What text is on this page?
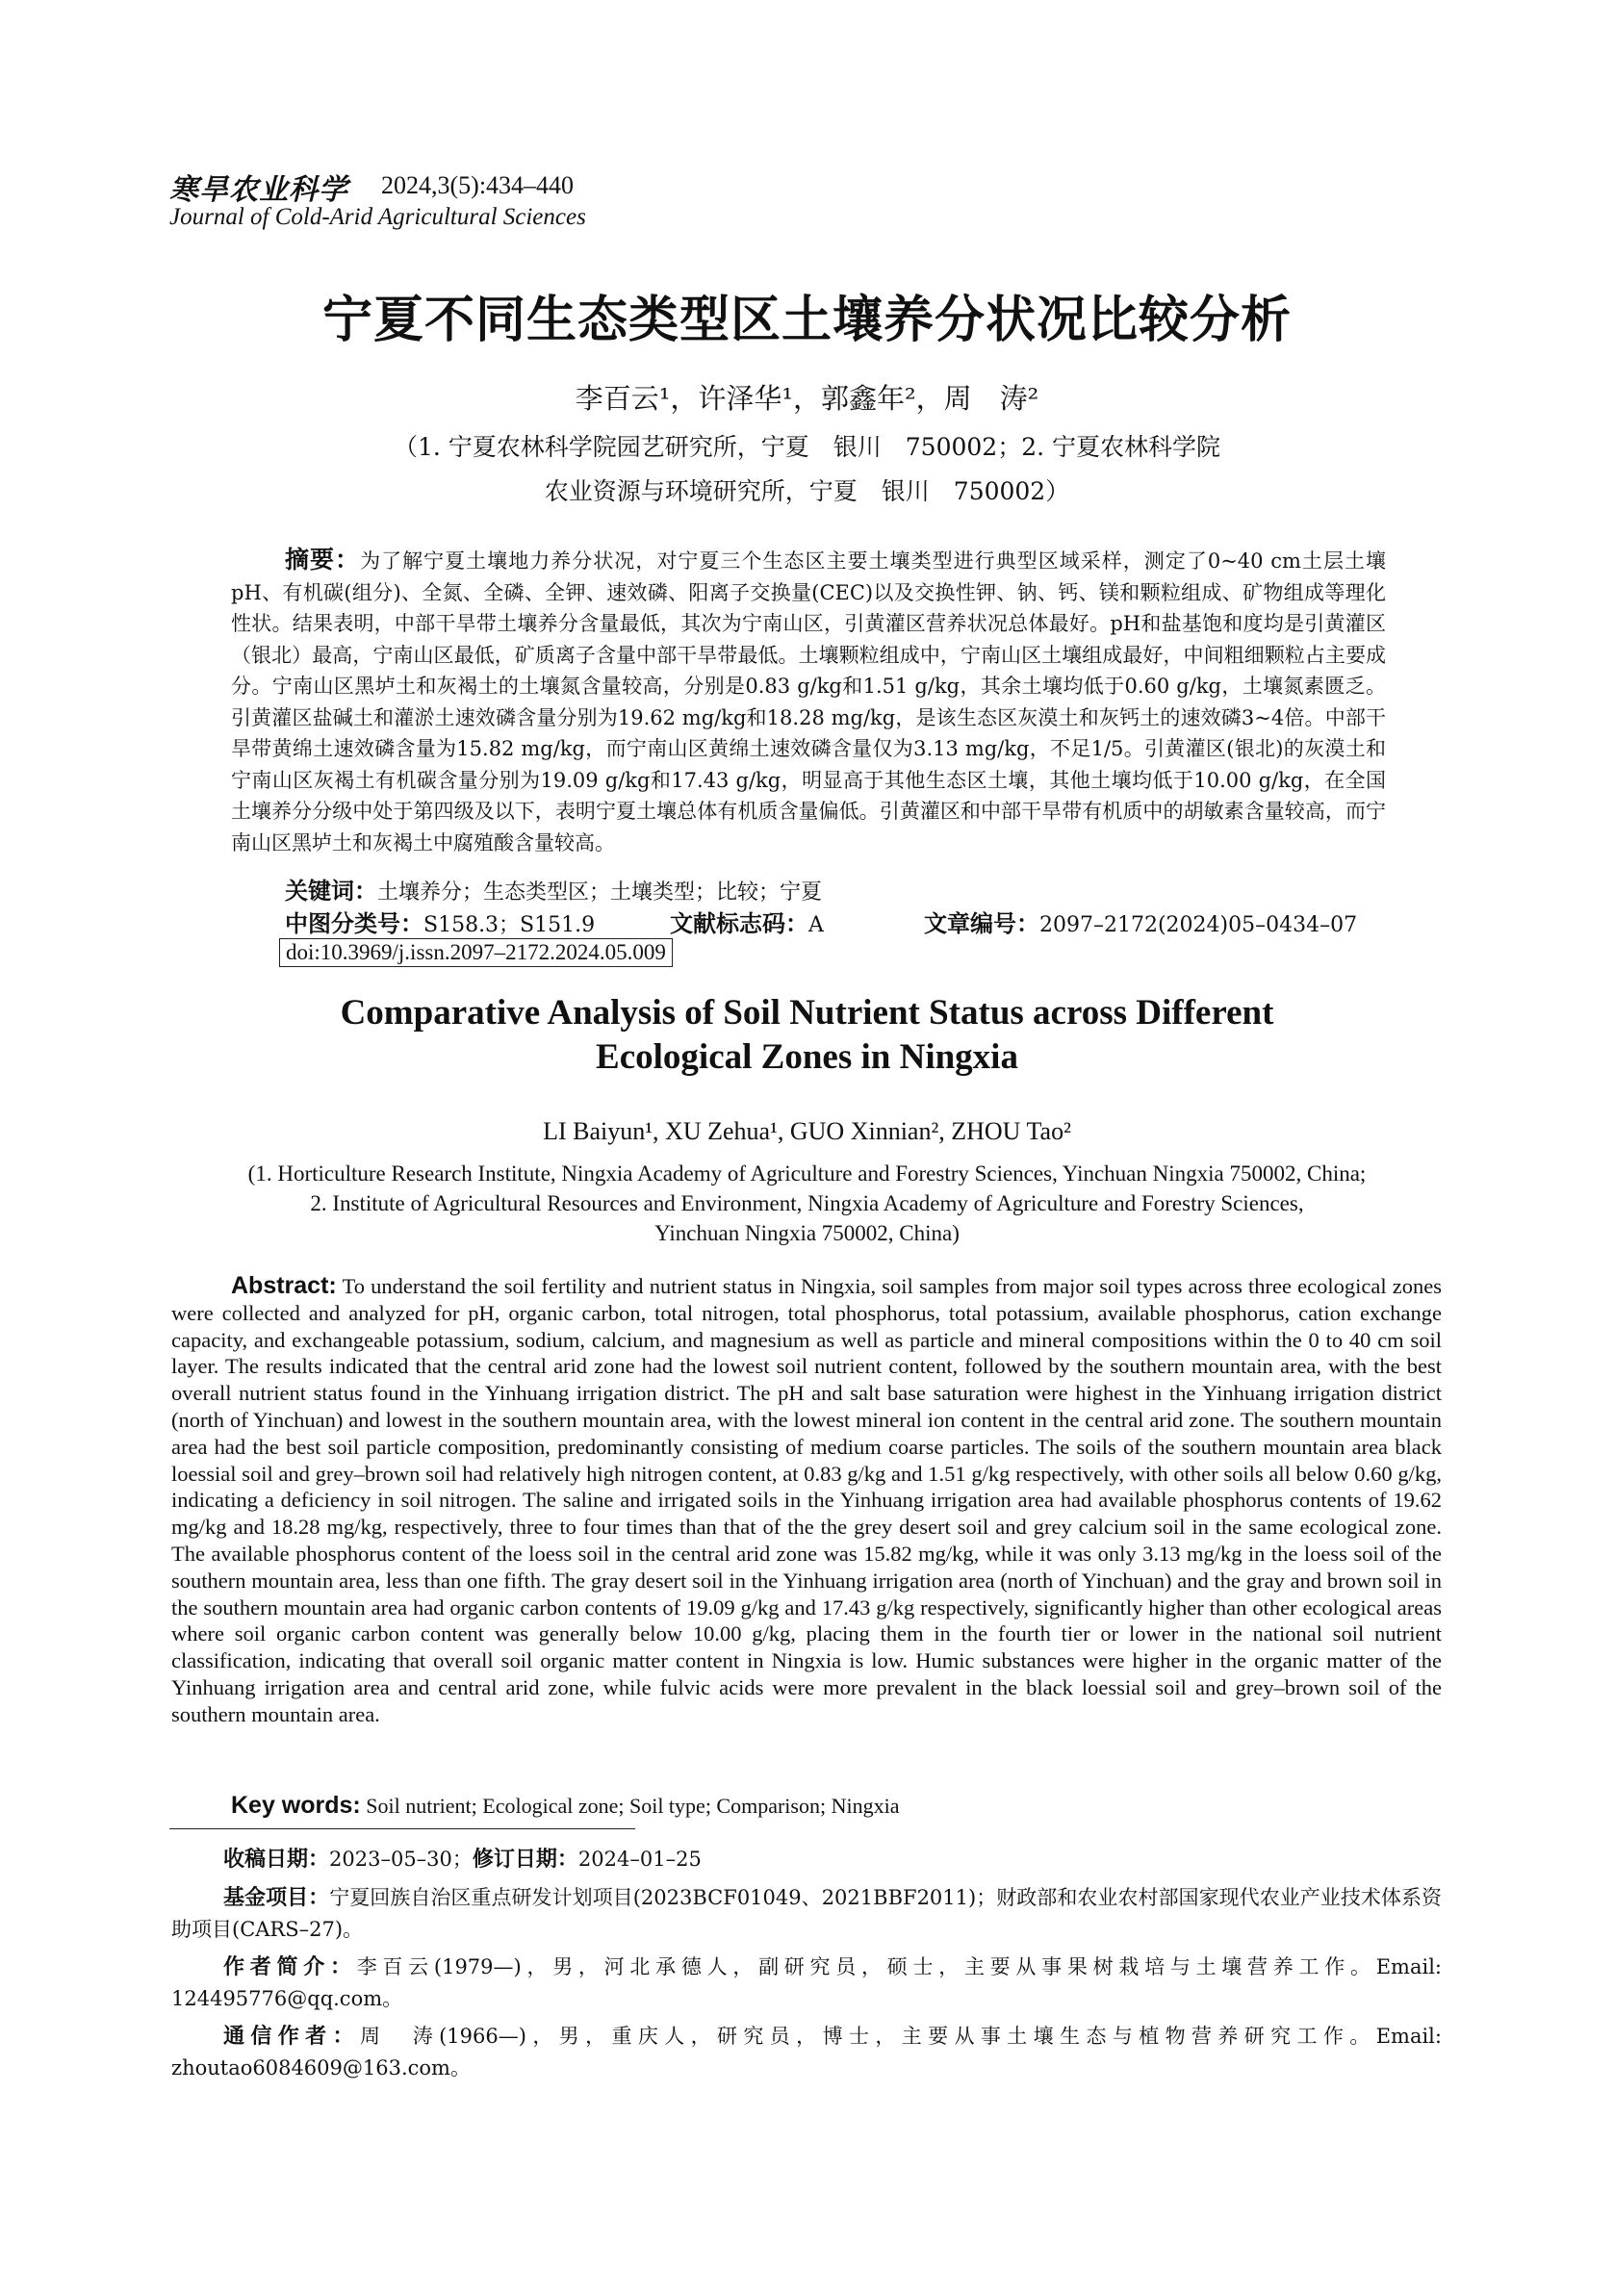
寒旱农业科学 2024,3(5):434–440
Journal of Cold-Arid Agricultural Sciences
宁夏不同生态类型区土壤养分状况比较分析
李百云¹，许泽华¹，郭鑫年²，周　涛²
（1. 宁夏农林科学院园艺研究所，宁夏　银川　750002；2. 宁夏农林科学院
农业资源与环境研究所，宁夏　银川　750002）
摘要：为了解宁夏土壤地力养分状况，对宁夏三个生态区主要土壤类型进行典型区域采样，测定了0~40 cm土层土壤pH、有机碳(组分)、全氮、全磷、全钾、速效磷、阳离子交换量(CEC)以及交换性钾、钠、钙、镁和颗粒组成、矿物组成等理化性状。结果表明，中部干旱带土壤养分含量最低，其次为宁南山区，引黄灌区营养状况总体最好。pH和盐基饱和度均是引黄灌区（银北）最高，宁南山区最低，矿质离子含量中部干旱带最低。土壤颗粒组成中，宁南山区土壤组成最好，中间粗细颗粒占主要成分。宁南山区黑垆土和灰褐土的土壤氮含量较高，分别是0.83 g/kg和1.51 g/kg，其余土壤均低于0.60 g/kg，土壤氮素匮乏。引黄灌区盐碱土和灌淤土速效磷含量分别为19.62 mg/kg和18.28 mg/kg，是该生态区灰漠土和灰钙土的速效磷3~4倍。中部干旱带黄绵土速效磷含量为15.82 mg/kg，而宁南山区黄绵土速效磷含量仅为3.13 mg/kg，不足1/5。引黄灌区(银北)的灰漠土和宁南山区灰褐土有机碳含量分别为19.09 g/kg和17.43 g/kg，明显高于其他生态区土壤，其他土壤均低于10.00 g/kg，在全国土壤养分分级中处于第四级及以下，表明宁夏土壤总体有机质含量偏低。引黄灌区和中部干旱带有机质中的胡敏素含量较高，而宁南山区黑垆土和灰褐土中腐殖酸含量较高。
关键词：土壤养分；生态类型区；土壤类型；比较；宁夏
中图分类号：S158.3；S151.9	文献标志码：A	文章编号：2097–2172(2024)05–0434–07
doi:10.3969/j.issn.2097–2172.2024.05.009
Comparative Analysis of Soil Nutrient Status across Different
Ecological Zones in Ningxia
LI Baiyun¹, XU Zehua¹, GUO Xinnian², ZHOU Tao²
(1. Horticulture Research Institute, Ningxia Academy of Agriculture and Forestry Sciences, Yinchuan Ningxia 750002, China;
2. Institute of Agricultural Resources and Environment, Ningxia Academy of Agriculture and Forestry Sciences,
Yinchuan Ningxia 750002, China)
Abstract: To understand the soil fertility and nutrient status in Ningxia, soil samples from major soil types across three ecological zones were collected and analyzed for pH, organic carbon, total nitrogen, total phosphorus, total potassium, available phosphorus, cation exchange capacity, and exchangeable potassium, sodium, calcium, and magnesium as well as particle and mineral compositions within the 0 to 40 cm soil layer. The results indicated that the central arid zone had the lowest soil nutrient content, followed by the southern mountain area, with the best overall nutrient status found in the Yinhuang irrigation district. The pH and salt base saturation were highest in the Yinhuang irrigation district (north of Yinchuan) and lowest in the southern mountain area, with the lowest mineral ion content in the central arid zone. The southern mountain area had the best soil particle composition, predominantly consisting of medium coarse particles. The soils of the southern mountain area black loessial soil and grey–brown soil had relatively high nitrogen content, at 0.83 g/kg and 1.51 g/kg respectively, with other soils all below 0.60 g/kg, indicating a deficiency in soil nitrogen. The saline and irrigated soils in the Yinhuang irrigation area had available phosphorus contents of 19.62 mg/kg and 18.28 mg/kg, respectively, three to four times than that of the the grey desert soil and grey calcium soil in the same ecological zone. The available phosphorus content of the loess soil in the central arid zone was 15.82 mg/kg, while it was only 3.13 mg/kg in the loess soil of the southern mountain area, less than one fifth. The gray desert soil in the Yinhuang irrigation area (north of Yinchuan) and the gray and brown soil in the southern mountain area had organic carbon contents of 19.09 g/kg and 17.43 g/kg respectively, significantly higher than other ecological areas where soil organic carbon content was generally below 10.00 g/kg, placing them in the fourth tier or lower in the national soil nutrient classification, indicating that overall soil organic matter content in Ningxia is low. Humic substances were higher in the organic matter of the Yinhuang irrigation area and central arid zone, while fulvic acids were more prevalent in the black loessial soil and grey–brown soil of the southern mountain area.
Key words: Soil nutrient; Ecological zone; Soil type; Comparison; Ningxia
收稿日期：2023–05–30；修订日期：2024–01–25
基金项目：宁夏回族自治区重点研发计划项目(2023BCF01049、2021BBF2011)；财政部和农业农村部国家现代农业产业技术体系资助项目(CARS–27)。
作者简介：李百云(1979—)，男，河北承德人，副研究员，硕士，主要从事果树栽培与土壤营养工作。Email: 124495776@qq.com。
通信作者：周　涛(1966—)，男，重庆人，研究员，博士，主要从事土壤生态与植物营养研究工作。Email: zhoutao6084609@163.com。
